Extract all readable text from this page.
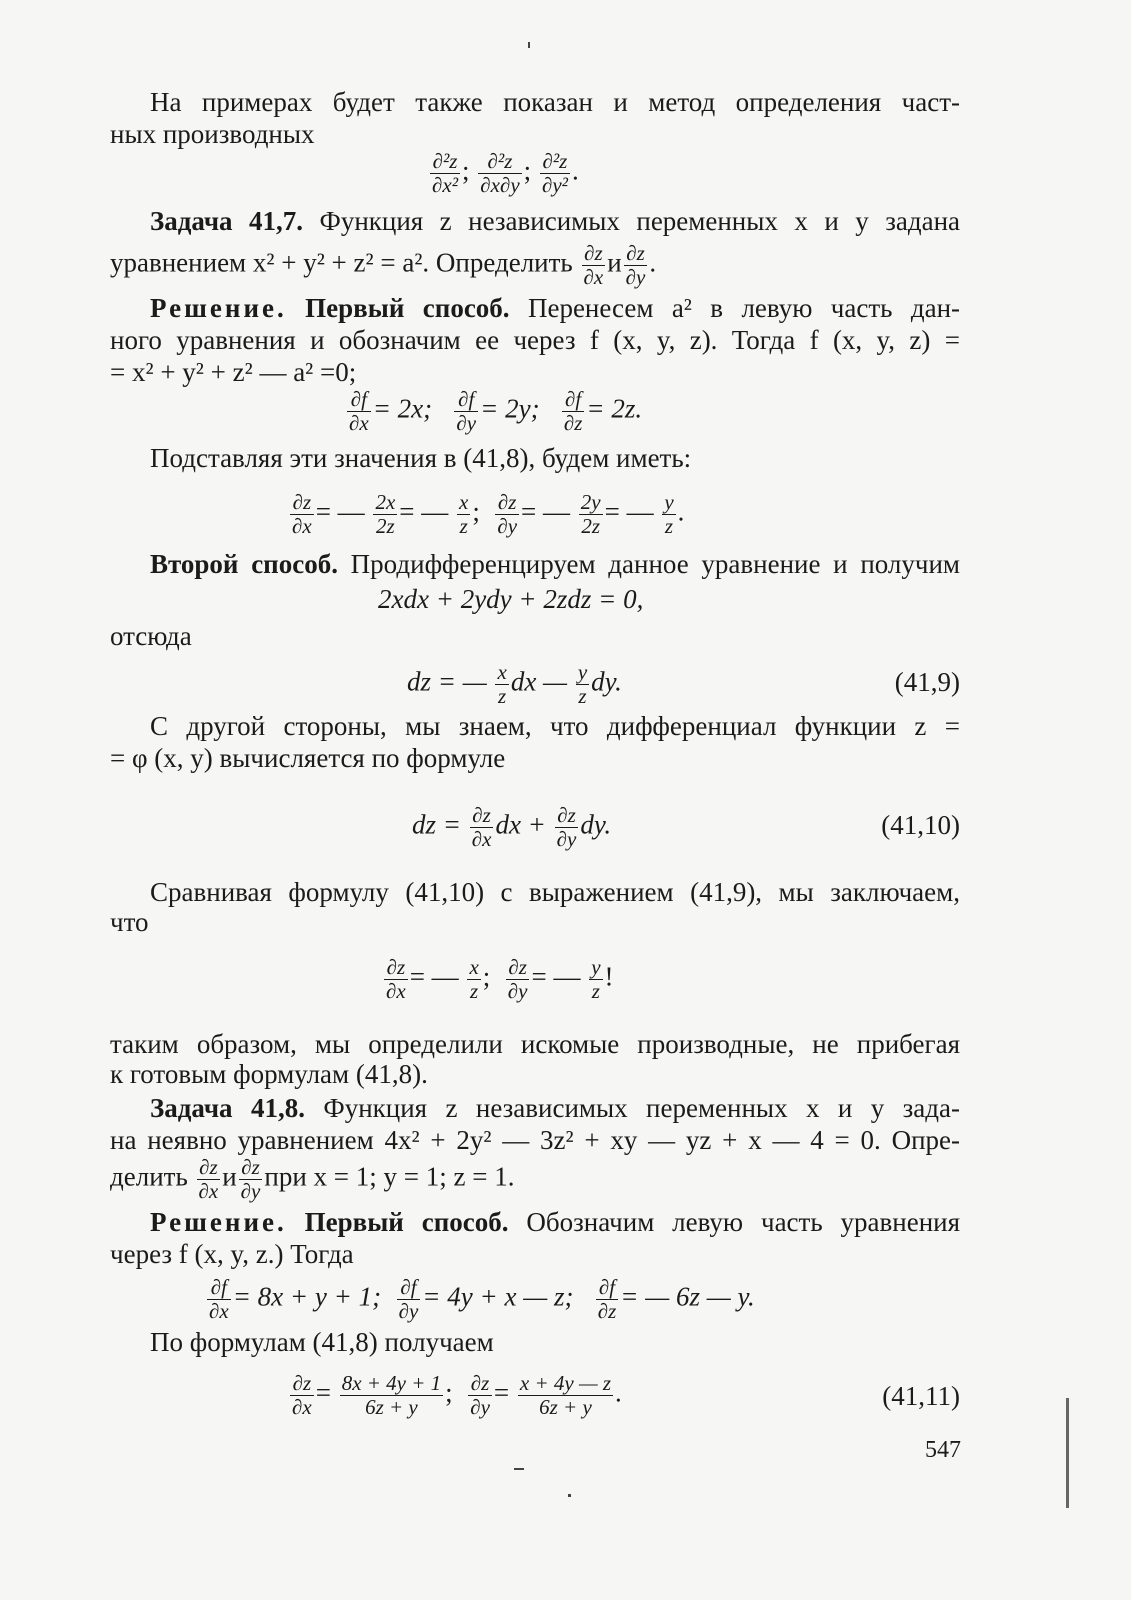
На примерах будет также показан и метод определения част-
ных производных
$\frac{\text{∂²z}}{\text{∂x²}}$ ; $\frac{\text{∂²z}}{\partial x\partial y}$ ; $\frac{\text{∂²z}}{\text{∂y²}}$ .
Задача 41,7. Функция z независимых переменных x и y задана
уравнением x² + y² + z² = a². Определить $\frac{\partial z}{\partial x}$ и $\frac{\partial z}{\partial y}$ .
Решение. Первый способ. Перенесем a² в левую часть дан-
ного уравнения и обозначим ее через f (x, y, z). Тогда f (x, y, z) =
= x² + y² + z² — a² =0;
$\frac{\partial f}{\partial x} = 2x$; $\frac{\partial f}{\partial y} = 2y$; $\frac{\partial f}{\partial z} = 2z$.
Подставляя эти значения в (41,8), будем иметь:
$\frac{\partial z}{\partial x}$ = — $\frac{2x}{2z}$ = — $\frac{x}{z}$ ; $\frac{\partial z}{\partial y}$ = — $\frac{2y}{2z}$ = — $\frac{y}{z}$ .
Второй способ. Продифференцируем данное уравнение и получим
2xdx + 2ydy + 2zdz = 0,
отсюда
dz = — $\frac{x}{z}$ dx — $\frac{y}{z}$ dy.	(41,9)
С другой стороны, мы знаем, что дифференциал функции z =
= φ (x, y) вычисляется по формуле
dz = $\frac{\partial z}{\partial x}$ dx + $\frac{\partial z}{\partial y}$ dy.	(41,10)
Сравнивая формулу (41,10) с выражением (41,9), мы заключаем,
что
$\frac{\partial z}{\partial x}$ = — $\frac{x}{z}$ ; $\frac{\partial z}{\partial y}$ = — $\frac{y}{z}$ !
таким образом, мы определили искомые производные, не прибегая
к готовым формулам (41,8).
Задача 41,8. Функция z независимых переменных x и y зада-
на неявно уравнением 4x² + 2y² — 3z² + xy — yz + x — 4 = 0. Опре-
делить $\frac{\partial z}{\partial x}$ и $\frac{\partial z}{\partial y}$ при x = 1; y = 1; z = 1.
Решение. Первый способ. Обозначим левую часть уравнения
через f (x, y, z.) Тогда
$\frac{\partial f}{\partial x} = 8x + y + 1$; $\frac{\partial f}{\partial y} = 4y + x$ — z; $\frac{\partial f}{\partial z}$ = — 6z — y.
По формулам (41,8) получаем
$\frac{\partial z}{\partial x} = \frac{8x + 4y + 1}{6z + y}$ ; $\frac{\partial z}{\partial y} = \frac{x + 4y — z}{6z + y}$ .	(41,11)
547
